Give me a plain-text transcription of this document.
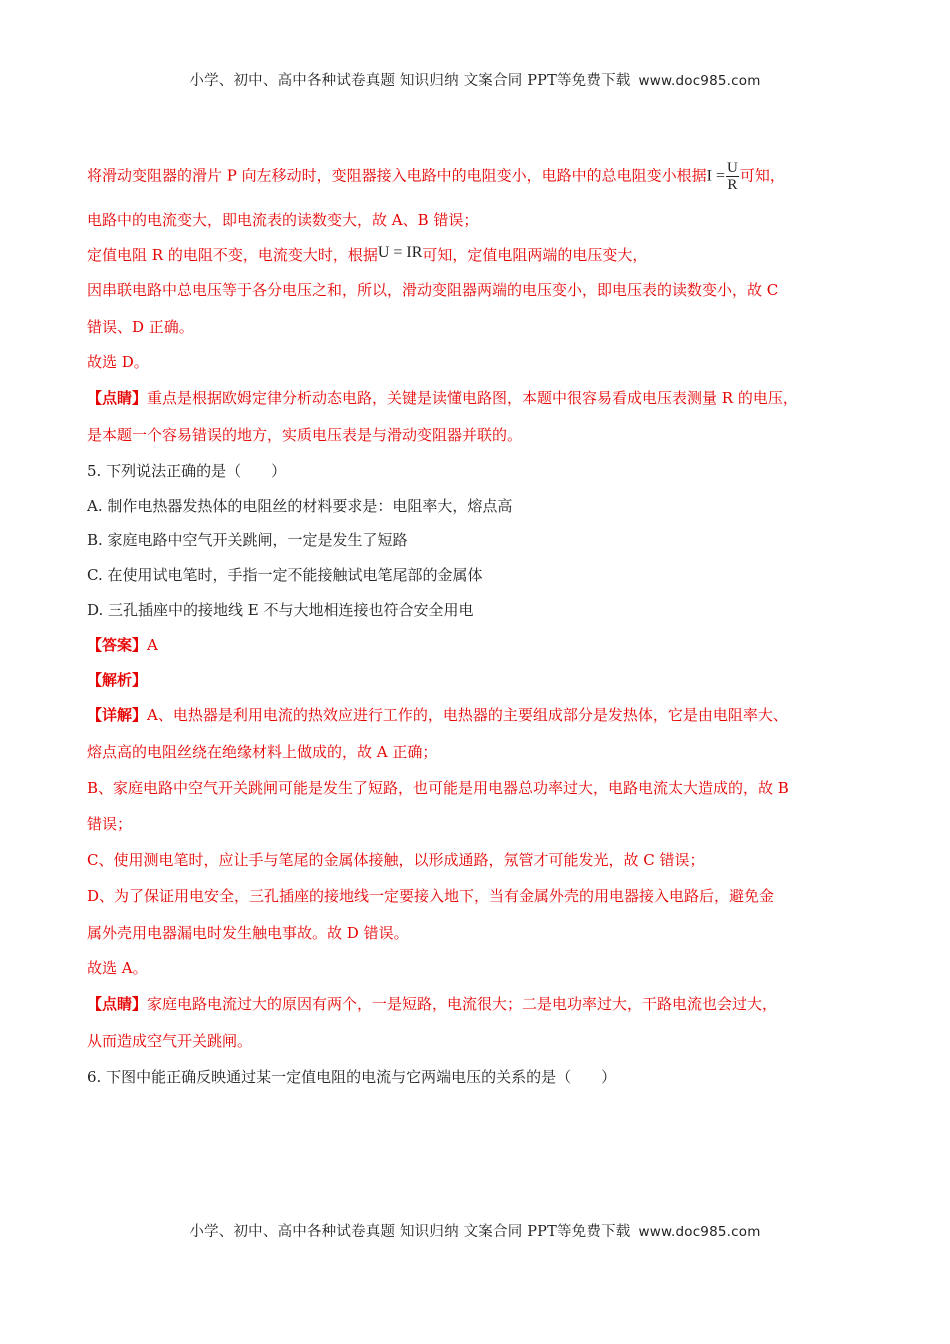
小学、初中、高中各种试卷真题 知识归纳 文案合同 PPT等免费下载 www.doc985.com
将滑动变阻器的滑片 P 向左移动时，变阻器接入电路中的电阻变小，电路中的总电阻变小根据$I = \frac{U}{R}$ 可知，
电路中的电流变大，即电流表的读数变大，故 A、B 错误；
定值电阻 R 的电阻不变，电流变大时，根据U = IR可知，定值电阻两端的电压变大，
因串联电路中总电压等于各分电压之和，所以，滑动变阻器两端的电压变小，即电压表的读数变小，故 C
错误、D 正确。
故选 D。
【点睛】重点是根据欧姆定律分析动态电路，关键是读懂电路图，本题中很容易看成电压表测量 R 的电压，
是本题一个容易错误的地方，实质电压表是与滑动变阻器并联的。
5. 下列说法正确的是（　　）
A. 制作电热器发热体的电阻丝的材料要求是：电阻率大，熔点高
B. 家庭电路中空气开关跳闸，一定是发生了短路
C. 在使用试电笔时，手指一定不能接触试电笔尾部的金属体
D. 三孔插座中的接地线 E 不与大地相连接也符合安全用电
【答案】A
【解析】
【详解】A、电热器是利用电流的热效应进行工作的，电热器的主要组成部分是发热体，它是由电阻率大、
熔点高的电阻丝绕在绝缘材料上做成的，故 A 正确；
B、家庭电路中空气开关跳闸可能是发生了短路，也可能是用电器总功率过大，电路电流太大造成的，故 B
错误；
C、使用测电笔时，应让手与笔尾的金属体接触，以形成通路，氖管才可能发光，故 C 错误；
D、为了保证用电安全，三孔插座的接地线一定要接入地下，当有金属外壳的用电器接入电路后，避免金
属外壳用电器漏电时发生触电事故。故 D 错误。
故选 A。
【点睛】家庭电路电流过大的原因有两个，一是短路，电流很大；二是电功率过大，干路电流也会过大，
从而造成空气开关跳闸。
6. 下图中能正确反映通过某一定值电阻的电流与它两端电压的关系的是（　　）
小学、初中、高中各种试卷真题 知识归纳 文案合同 PPT等免费下载 www.doc985.com
